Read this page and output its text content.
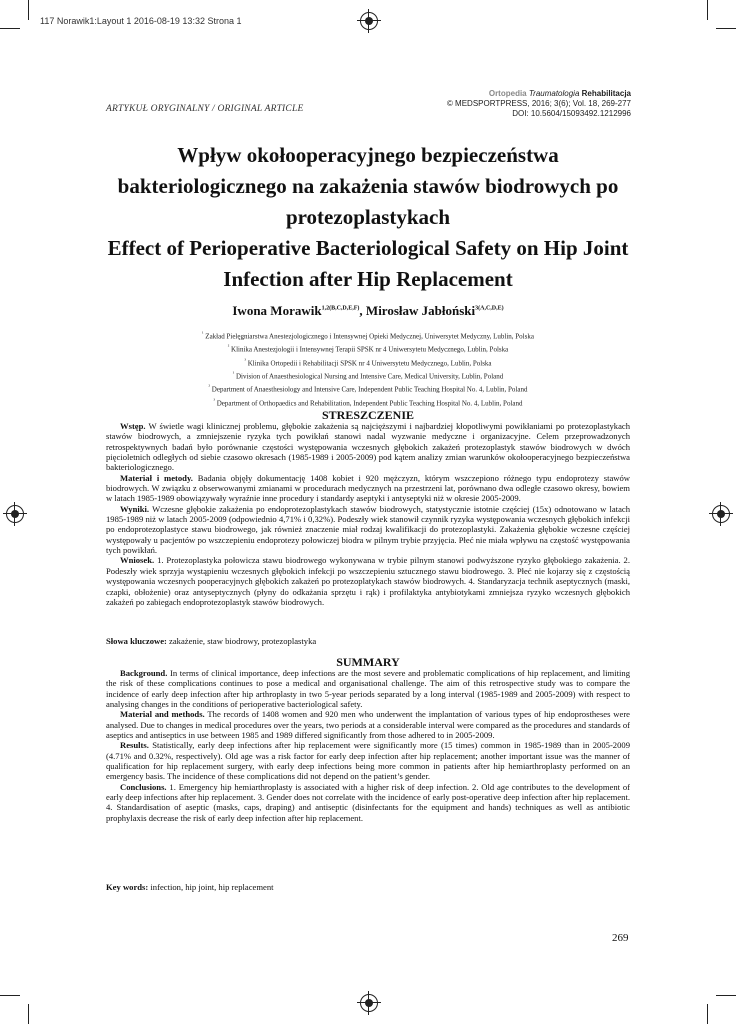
117 Norawik1:Layout 1 2016-08-19 13:32 Strona 1
ARTYKUŁ ORYGINALNY / ORIGINAL ARTICLE
Ortopedia Traumatologia Rehabilitacja
© MEDSPORTPRESS, 2016; 3(6); Vol. 18, 269-277
DOI: 10.5604/15093492.1212996
Wpływ okołooperacyjnego bezpieczeństwa bakteriologicznego na zakażenia stawów biodrowych po protezoplastykach
Effect of Perioperative Bacteriological Safety on Hip Joint Infection after Hip Replacement
Iwona Morawik$^{1,2(B,C,D,E,F)}$, Mirosław Jabłoński$^{3(A,C,D,E)}$
$^{^1}$ Zakład Pielęgniarstwa Anestezjologicznego i Intensywnej Opieki Medycznej, Uniwersytet Medyczny, Lublin, Polska
$^{^2}$ Klinika Anestezjologii i Intensywnej Terapii SPSK nr 4 Uniwersytetu Medycznego, Lublin, Polska
$^{^3}$ Klinika Ortopedii i Rehabilitacji SPSK nr 4 Uniwersytetu Medycznego, Lublin, Polska
$^{^1}$ Division of Anaesthesiological Nursing and Intensive Care, Medical University, Lublin, Poland
$^{^2}$ Department of Anaesthesiology and Intensive Care, Independent Public Teaching Hospital No. 4, Lublin, Poland
$^{^3}$ Department of Orthopaedics and Rehabilitation, Independent Public Teaching Hospital No. 4, Lublin, Poland
STRESZCZENIE

Wstęp. W świetle wagi klinicznej problemu, głębokie zakażenia są najcięższymi i najbardziej kłopotliwymi powikłaniami po protezoplastykach stawów biodrowych, a zmniejszenie ryzyka tych powikłań stanowi nadal wyzwanie medyczne i organizacyjne. Celem przeprowadzonych retrospektywnych badań było porównanie częstości występowania wczesnych głębokich zakażeń protezoplastyk stawów biodrowych w dwóch pięcioletnich odległych od siebie czasowo okresach (1985-1989 i 2005-2009) pod kątem analizy zmian warunków okołooperacyjnego bezpieczeństwa bakteriologicznego.

Materiał i metody. Badania objęły dokumentację 1408 kobiet i 920 mężczyzn, którym wszczepiono różnego typu endoprotezy stawów biodrowych. W związku z obserwowanymi zmianami w procedurach medycznych na przestrzeni lat, porównano dwa odległe czasowo okresy, bowiem w latach 1985-1989 obowiązywały wyraźnie inne procedury i standardy aseptyki i antyseptyki niż w okresie 2005-2009.

Wyniki. Wczesne głębokie zakażenia po endoprotezoplastykach stawów biodrowych, statystycznie istotnie częściej (15x) odnotowano w latach 1985-1989 niż w latach 2005-2009 (odpowiednio 4,71% i 0,32%). Podeszły wiek stanowił czynnik ryzyka występowania wczesnych głębokich infekcji po endoprotezoplastyce stawu biodrowego, jak również znaczenie miał rodzaj kwalifikacji do protezoplastyki. Zakażenia głębokie wczesne częściej występowały u pacjentów po wszczepieniu endoprotezy połowiczej biodra w pilnym trybie przyjęcia. Płeć nie miała wpływu na częstość występowania tych powikłań.

Wniosek. 1. Protezoplastyka połowicza stawu biodrowego wykonywana w trybie pilnym stanowi podwyższone ryzyko głębokiego zakażenia. 2. Podeszły wiek sprzyja wystąpieniu wczesnych głębokich infekcji po wszczepieniu sztucznego stawu biodrowego. 3. Płeć nie kojarzy się z częstością występowania wczesnych pooperacyjnych głębokich zakażeń po protezoplatykach stawów biodrowych. 4. Standaryzacja technik aseptycznych (maski, czapki, obłożenie) oraz antyseptycznych (płyny do odkażania sprzętu i rąk) i profilaktyka antybiotykami zmniejsza ryzyko wczesnych głębokich zakażeń po zabiegach endoprotezoplastyk stawów biodrowych.

Słowa kluczowe: zakażenie, staw biodrowy, protezoplastyka
SUMMARY

Background. In terms of clinical importance, deep infections are the most severe and problematic complications of hip replacement, and limiting the risk of these complications continues to pose a medical and organisational challenge. The aim of this retrospective study was to compare the incidence of early deep infection after hip arthroplasty in two 5-year periods separated by a long interval (1985-1989 and 2005-2009) with respect to analysing changes in the conditions of perioperative bacteriological safety.

Material and methods. The records of 1408 women and 920 men who underwent the implantation of various types of hip endoprostheses were analysed. Due to changes in medical procedures over the years, two periods at a considerable interval were compared as the procedures and standards of aseptics and antiseptics in use between 1985 and 1989 differed significantly from those adhered to in 2005-2009.

Results. Statistically, early deep infections after hip replacement were significantly more (15 times) common in 1985-1989 than in 2005-2009 (4.71% and 0.32%, respectively). Old age was a risk factor for early deep infection after hip replacement; another important issue was the manner of qualification for hip replacement surgery, with early deep infections being more common in patients after hip hemiarthroplasty performed on an emergency basis. The incidence of these complications did not depend on the patient’s gender.

Conclusions. 1. Emergency hip hemiarthroplasty is associated with a higher risk of deep infection. 2. Old age contributes to the development of early deep infections after hip replacement. 3. Gender does not correlate with the incidence of early post-operative deep infection after hip replacement. 4. Standardisation of aseptic (masks, caps, draping) and antiseptic (disinfectants for the equipment and hands) techniques as well as antibiotic prophylaxis decrease the risk of early deep infection after hip replacement.

Key words: infection, hip joint, hip replacement
269
